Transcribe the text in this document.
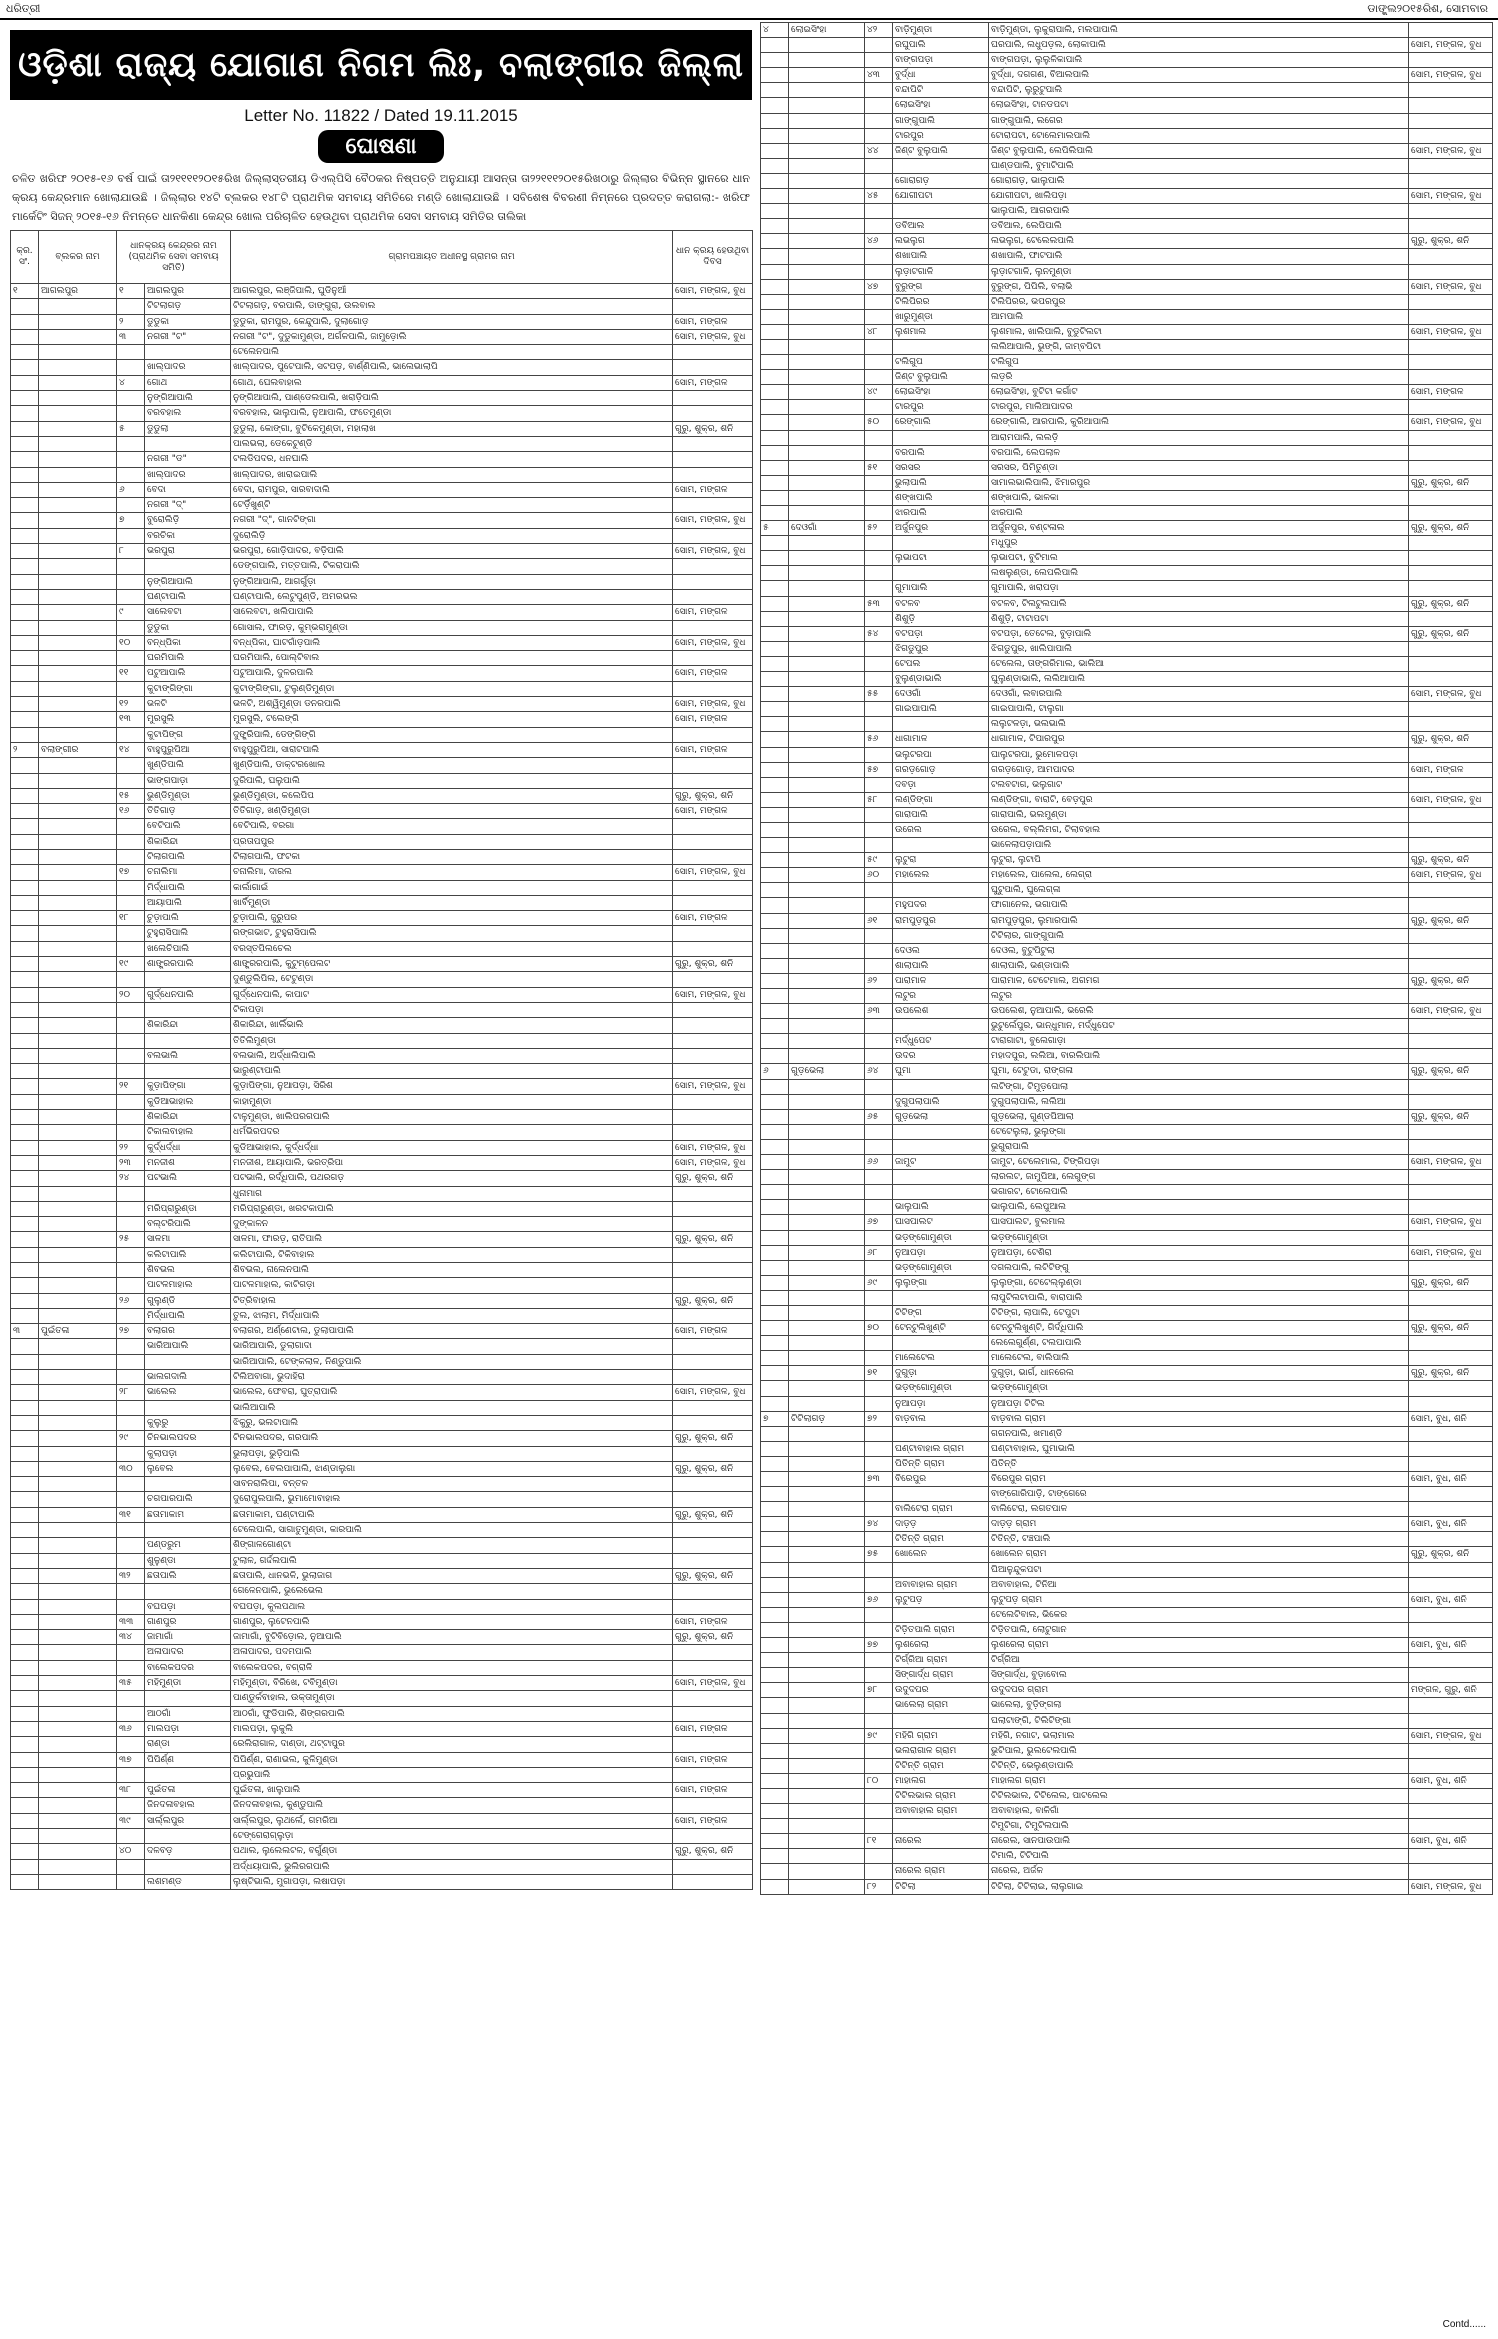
ଧରିତ୍ରୀ	ଡାଙ୍ଗ୍ଲ୨୦୧୫ରିଶ, ସୋମବାର
ଓଡ଼ିଶା ରାଜ୍ୟ ଯୋଗାଣ ନିଗମ ଲିଃ, ବଲାଙ୍ଗୀର ଜିଲ୍ଲା
Letter No. 11822 / Dated 19.11.2015
ଘୋଷଣା
ଚଳିତ ଖରିଫ ୨୦୧୫-୧୬ ବର୍ଷ ପାଇଁ ତା୨୧୧୧୧୨୦୧୫ରିଖ ଜିଲ୍ଲାସ୍ତରୀୟ ଡିଏଲ୍‌ପିସି ବୈଠକର ନିଷ୍ପତ୍ତି ଅନୁଯାୟୀ ଆସନ୍ତା ତା୨୨୧୧୧୨୦୧୫ରିଖଠାରୁ ଜିଲ୍ଲାର ବିଭିନ୍ନ ସ୍ଥାନରେ ଧାନ କ୍ରୟ କେନ୍ଦ୍ରମାନ ଖୋଲାଯାଉଛି । ଜିଲ୍ଲାର ୧୪ଟି ବ୍ଲକର ୧୪୮ଟି ପ୍ରାଥମିକ ସମବାୟ ସମିତିରେ ମଣ୍ଡି ଖୋଲାଯାଉଛି । ସବିଶେଷ ବିବରଣୀ ନିମ୍ନରେ ପ୍ରଦତ୍ତ କରାଗଲା:- ଖରିଫ ମାର୍କେଟିଂ ସିଜନ୍ ୨୦୧୫-୧୬ ନିମନ୍ତେ ଧାନକିଣା କେନ୍ଦ୍ର ଖୋଲ ପରିଚାଳିତ ହେଉଥିବା ପ୍ରାଥମିକ ସେବା ସମବାୟ ସମିତିର ତାଲିକା
କ୍ର. ସଂ.	ବ୍ଲକର ନାମ	ଧାନକ୍ରୟ କେନ୍ଦ୍ରର ନାମ (ପ୍ରାଥମିକ ସେବା ସମବାୟ ସମିତି)		ଗ୍ରାମପଞ୍ଚାୟତ ଅଧୀନସ୍ଥ ଗ୍ରାମର ନାମ	ଧାନ କ୍ରୟ ହେଉଥିବା ଦିବସ
୧	ଆଗଲପୁର	୧	ଆଗଲପୁର	ଆଗଲପୁର, ଲଞ୍ଜିପାଲି, ଘୁଡିନୁଆଁ	ସୋମ, ମଙ୍ଗଳ, ବୁଧ
			ଟିଟଲାଗଡ଼	ଟିଟଲାଗଡ଼, ବରପାଲି, ଡାଙ୍ଗୁରା, ଉଲବାଲ	
		୨	ଡୁଡୁକା	ଡୁଡୁକା, ରାମପୁର, କେନ୍ଦୁପାଲି, ଦୁଲାଗୋଡ଼	ସୋମ, ମଙ୍ଗଳ
		୩	ନଗରୀ "ଟ"	ନଗରୀ "ଟ", ଦୁଡୁକାମୁଣ୍ଡା, ଅର୍ଗଳପାଲି, ଜାମୁଡ଼ୋଲି	ସୋମ, ମଙ୍ଗଳ, ବୁଧ
				ଟେଲେନପାଲି	
			ଖାଲ୍ପାଦର	ଖାଲ୍ପାଦର, ପୁଟେପାଲି, ସଟପଡ଼, ବାର୍ଣ୍ଣିପାଲି, ଭାଲେଭାଲାପି	
		୪	ଗୋଥ	ଗୋଥ, ଘେଲବାହାଲ	ସୋମ, ମଙ୍ଗଳ
			ନୁଙ୍ଗିଆପାଲି	ନୁଙ୍ଗିଆପାଲି, ପାଣ୍ଡେଲପାଲି, ଖରାଡ଼ିପାଲି	
			ବରବହାଲ	ବରବହାଲ, ଭାଲୁପାଲି, ନୁଆପାଲି, ଫତେମୁଣ୍ଡା	
		୫	ଡୁଡୁଲା	ଡୁଡୁଲା, କୋଙ୍ଗା, ବୁଟିକେମୁଣ୍ଡା, ମହାଲାଖ	ଗୁରୁ, ଶୁକ୍ର, ଶନି
				ପାଲଭଲା, ଡେକେଟୁଣ୍ଡି	
			ନଗରୀ "ଡ"	ଟଲଡିପଦର, ଧନଘାଲି	
			ଖାଲ୍ପାଦର	ଖାଲ୍ପାଦର, ଖାରାଇପାଲି	
		୬	ବେଦା	ବେଦା, ରାମପୁର, ସାରବାଦାଲି	ସୋମ, ମଙ୍ଗଳ
			ନଗରୀ "ଦ୍"	ଟେର୍ଡ଼ିଖୁଣ୍ଟି	
		୭	ବୁରୋଲିଡ଼ି	ନଗରୀ "ଦ୍", ଗାନଟିଙ୍ଗା	ସୋମ, ମଙ୍ଗଳ, ବୁଧ
			ବରଚିକା	ଦୁରୋଲିଡ଼ି	
		୮	ଭରପୁରା	ଭରପୁରା, ଗୋଡ଼ିପାଦର, ବଡ଼ିପାଲି	ସୋମ, ମଙ୍ଗଳ, ବୁଧ
				ଡେଙ୍ଗପାଲି, ମତ୍ତପାଲି, ଟିକରାପାଲି	
			ନୁଙ୍ଗିଆପାଲି	ନୁଙ୍ଗିଆପାଲି, ଆଗର୍ଗୁଡ଼ା	
			ଘଣ୍ଟାପାଲି	ଘଣ୍ଟାପାଲି, ଲେଟୁପୁଣ୍ଡି, ଅମରଭଲ	
		୯	ସାଲେବଟା	ସାଲେବଟା, ଖଲିପାପାଲି	ସୋମ, ମଙ୍ଗଳ
			ଡୁଡୁକା	ଗୋସାଲ, ଫାରଡ଼, କୁମ୍ଭରାମୁଣ୍ଡା	
		୧୦	ବନ୍ଧ୍‌ପିକା	ବନ୍ଧ୍‌ପିକା, ଘାଟଗାଁଡ଼ପାଲି	ସୋମ, ମଙ୍ଗଳ, ବୁଧ
			ଘରମିପାଲି	ଘରମିପାଲି, ପୋଲ୍ଟିବାଲ	
		୧୧	ପଟୁଆପାଲି	ପଟୁଆପାଲି, ଦୁଳରପାଲି	ସୋମ, ମଙ୍ଗଳ
			କୁଟାଙ୍ଗିଙ୍ଗା	କୁଟାଙ୍ଗିଙ୍ଗା, ଟୁଲୁଣ୍ଡିମୁଣ୍ଡା	
		୧୨	ଭଳଟି	ଭଳଟି, ଅଶ୍ୱିମୁଣ୍ଡା ଡନରପାଲି	ସୋମ, ମଙ୍ଗଳ, ବୁଧ
		୧୩	ମୁରସୁଲି	ମୁରସୁଲି, ଟଲେଙ୍ଗି	ସୋମ, ମଙ୍ଗଳ
			କୁଟାପିଙ୍ଗ	ଦୁଙ୍ଗ୍ରିପାଲି, ଡେଙ୍ଗିଙ୍ଗି	
୨	ବଲାଙ୍ଗୀର	୧୪	ବାହୁପୁରୁପିଆ	ବାହୁପୁରୁପିଆ, ସାରାଟପାଲି	ସୋମ, ମଙ୍ଗଳ
			ଖୁଣ୍ଡିପାଲି	ଖୁଣ୍ଡିପାଲି, ଡାକ୍ଟରଖୋଲ	
			ଭାଙ୍ଗପାଡ଼ା	ଦୁରିପାଲି, ଘଲୁପାଲି	
		୧୫	ଭୁଣ୍ଡିମୁଣ୍ଡା	ଭୁଣ୍ଡିମୁଣ୍ଡା, କଲେପିପ	ଗୁରୁ, ଶୁକ୍ର, ଶନି
		୧୬	ତିତିଗାଡ଼	ତିତିଗାଡ଼, ଖଣ୍ଡିମୁଣ୍ଡା	ସୋମ, ମଙ୍ଗଳ
			ବେଟିପାଲି	ବେଟିପାଲି, ବରଗା	
			ଶିକାରିନ୍ଦା	ପ୍ରତାପପୁର	
			ଟିଲାଗପାଲି	ଟିଲାଗପାଲି, ଫଟକା	
		୧୭	ଚନାଲିମା	ଚନାଲିମା, ଦାରଲ	ସୋମ, ମଙ୍ଗଳ, ବୁଧ
			ମିର୍ଦ୍ଧାପାଲି	କାର୍ଲାଗାଇଁ	
			ଆୟାପାଲି	ଖାର୍ବିମୁଣ୍ଡା	
		୧୮	ଚୁଡ଼ାପାଲି	ଚୁଡ଼ାପାଲି, ଜୁରୁପର	ସୋମ, ମଙ୍ଗଳ
			ଟୁହୁରାସିପାଲି	ରଙ୍ଗଭାଟ, ଟୁହୁରାସିପାଲି	
			ଖଲେଚିପାଲି	ବରସ୍ତପିଲଚେଲ	
		୧୯	ଶାଙ୍ଗ୍ରରପାଲି	ଶାଙ୍ଗ୍ରରପାଲି, କୁଟୁମ୍ପେଲଟ	ଗୁରୁ, ଶୁକ୍ର, ଶନି
				ଦୁଣ୍ଡୁଲିପିଲ, ଟେଟୁଣ୍ଡା	
		୨୦	ଗୁର୍ଦ୍ଧେନପାଲି	ଗୁର୍ଦ୍ଧେନପାଲି, କାପାଟ	ସୋମ, ମଙ୍ଗଳ, ବୁଧ
				ଟିକାପଡ଼ା	
			ଶିକାରିନ୍ଦା	ଶିକାରିନ୍ଦା, ଖାର୍ଲିଭାଲି	
				ତିତିଲିମୁଣ୍ଡା	
			ବଲଭାଲି	ବଲଭାଲି, ଅର୍ଦ୍ଧାଲିପାଲି	
				ଭାରୁଣ୍ଟାପାଲି	
		୨୧	କୁଡ଼ାପିଙ୍ଗା	କୁଡ଼ାପିଙ୍ଗା, ନୁଆପଡ଼ା, ସିରିଶ	ସୋମ, ମଙ୍ଗଳ, ବୁଧ
			କୁଡିଆଭାହାଲ	କାହାମୁଣ୍ଡା	
			ଶିକାରିନ୍ଦା	ଟାଳୁମୁଣ୍ଡା, ଖାଲିପରଗପାଲି	
			ଟିକାଲବାହାଲ	ଧର୍ମଭିରପଦର	
		୨୨	କୁର୍ଦ୍ଧର୍ଦ୍ଧା	କୁଡିଆଭାହାଲ, କୁର୍ଦ୍ଧର୍ଦ୍ଧା	ସୋମ, ମଙ୍ଗଳ, ବୁଧ
		୨୩	ମନଜୀଶ	ମନଜୀଶ, ଆୟାପାଲି, ଭରତ୍ରିପା	ସୋମ, ମଙ୍ଗଳ, ବୁଧ
		୨୪	ପଟଭାଲି	ପଟଭାଲି, ରର୍ଦ୍ଧିପାଲି, ପଥରଗଡ଼	ଗୁରୁ, ଶୁକ୍ର, ଶନି
				ଧୁନାମାଗ	
			ମରିପ୍ରାରୁଣ୍ଡା	ମରିପ୍ରାରୁଣ୍ଡା, ଖରଟକାପାଲି	
			ବଲ୍ଟରିପାଲି	ଦୁଙ୍କାଳନ	
		୨୫	ସାଳମା	ସାଳମା, ଫାରଡ଼, ରାତିପାଲି	ଗୁରୁ, ଶୁକ୍ର, ଶନି
			କଲିଟାପାଲି	କଲିଟାପାଲି, ଟିକିବାହାଲ	
			ଶିବଭଲ	ଶିବଭଲ, ନାଲେନପାଲି	
			ପାଟଳମାହାଲ	ପାଟଳମାହାଲ, କାଟିଗଡ଼ା	
		୨୬	ଗୁଲୁଣ୍ଡି	ଟିତ୍ରିବାହାଲ	ଗୁରୁ, ଶୁକ୍ର, ଶନି
			ମିର୍ଦ୍ଧାପାଲି	ତୁଲ, ଝାଲାମ, ମିର୍ଦ୍ଧାପାଲି	
୩	ପୁଇଁତଳା	୨୭	ବଲାଗର	ବଲାଗର, ଅର୍ଣ୍ଣେଟାଲ, ଡୁଲାପାପାଲି	ସୋମ, ମଙ୍ଗଳ
			ଭାରିଆପାଲି	ଭାରିଆପାଲି, ଡୁଲାଗାଦା	
				ଭାରିଆପାଲି, ଟେଙ୍କଲାଳ, ନିଣ୍ଡୁପାଲି	
			ଭାଲଗଦାଲି	ଟିଲିଅବାଗା, ଭୁଦାହିରା	
		୨୮	ଭାଲେଲ	ଭାଲେଲ, ଫେବରା, ଘୁତ୍ରାପାଲି	ସୋମ, ମଙ୍ଗଳ, ବୁଧ
				ଭାଲିଆପାଲି	
			କୁଲୁରୁ	ଝିକୁରୁ, ଭଲଟାପାଲି	
		୨୯	ଚିନଭାଲପଦର	ଟିନଭାଲପଦର, ଗରପାଲି	ଗୁରୁ, ଶୁକ୍ର, ଶନି
			କୁଲାପଡ଼ା	ଭୁଲାପଡ଼ା, ଭୁଡ଼ିପାଲି	
		୩୦	ଲୁବେଲ	ଲୁବେଲ, ବେଲପାପାଲି, ଝାଣ୍ଡାଲୁଗା	ଗୁରୁ, ଶୁକ୍ର, ଶନି
				ସାବନରାଲିପା, ବନ୍ତଳ	
			ଚଗପାରପାଲି	ଦୁରୋପୁଲପାଲି, ଭୁମାମୋବାହାଲ	
		୩୧	ଛତାମାକାମ	ଛତାମାକାମ, ଘଣ୍ଟାପାଲି	ଗୁରୁ, ଶୁକ୍ର, ଶନି
				ଟେଲେପାଲି, ସାଗାତୁମୁଣ୍ଡା, କାରପାଲି	
			ପଣ୍ଡରୁମ	ଶିଙ୍ଗାଳଗୋଣ୍ଟା	
			ଶୁଳୁଣ୍ଡା	ଟୁଲାଳ, ଗର୍ଦ୍ଦଲପାଲି	
		୩୨	ଛତାପାଲି	ଛତାପାଲି, ଧାନଭଳି, ଭୁଲାଜାଗ	ଗୁରୁ, ଶୁକ୍ର, ଶନି
				ଗେଳେନପାଲି, ଭୁଲେଭେଲ	
			ବଘପଡ଼ା	ବଘପଡ଼ା, କୁଲପଥାଲ	
		୩୩	ଗାଣପୁର	ଗାଣପୁର, ଲୁଟେନପାଲି	ସୋମ, ମଙ୍ଗଳ
		୩୪	ଜାମାଗାଁ	ଜାମାଗାଁ, ବୁଟିବିଡ଼ୋଲ, ନୁଆପାଲି	ଗୁରୁ, ଶୁକ୍ର, ଶନି
			ଅଳାପାଦର	ଅଳାପାଦର, ପଦମପାଲି	
			ବାଲେକପଦର	ବାଲେକପଦର, ବଗ୍ରାଳି	
		୩୫	ମହିମୁଣ୍ଡା	ମହିମୁଣ୍ଡା, ବିରିଖେ, ଟବିମୁଣ୍ଡା	ସୋମ, ମଙ୍ଗଳ, ବୁଧ
				ପାଣ୍ଡୁର୍କବାହାଲ, ଉକ୍ତାମୁଣ୍ଡା	
			ଆଠଗାଁ	ଆଠଗାଁ, ଫୁଡିପାଲି, ଶିଙ୍ଗରପାଲି	
		୩୬	ମାଲପଡ଼ା	ମାଲପଡ଼ା, ଲୁକୁଲି	ସୋମ, ମଙ୍ଗଳ
			ରାଣ୍ଡା	ରେଲିରାଗାଳ, ଦାଣ୍ଡା, ଥଟ୍ଟାପୁର	
		୩୭	ପିପିର୍ଣ୍ଣ	ପିପିର୍ଣ୍ଣ, ରାଣାଭଲ, କୁଳିମୁଣ୍ଡା	ସୋମ, ମଙ୍ଗଳ
				ପ୍ରଭୁପାଲି	
		୩୮	ପୁଇଁତଳା	ପୁଇଁତଳା, ଖାଲୁପାଲି	ସୋମ, ମଙ୍ଗଳ
			ଜିନଦଳାବହାଲ	ଜିନଦଳାବହାଲ, କୁଣ୍ଡୁପାଲି	
		୩୯	ସାର୍ଲ୍ଲପୁର	ସାର୍ଲ୍ଲପୁର, ଲୁଥର୍ଲେ, ଗମରିଆ	ସୋମ, ମଙ୍ଗଳ
				ଟେଙ୍ଗେରାଗ୍ଲୁଡ଼ା	
		୪୦	ଦଳବଡ଼	ପଥାଲ, ଲୁଲେଲଟଳ, ବର୍ଗୁଣ୍ଡା	ଗୁରୁ, ଶୁକ୍ର, ଶନି
				ଅର୍ଦ୍ଧୟାପାଲି, ଭୁଲିରଗପାଲି	
			ଲଶମଣ୍ଡ	ଲୁଷ୍ଟିଭାଲି, ମୁଗାପଡ଼ା, ଲଷାପଡ଼ା	
୪	ଲୋଇସିଂହା	୪୨	ବାଡ଼ିମୁଣ୍ଡା	ବାଡ଼ିମୁଣ୍ଡା, ଲୁକୁରାପାଲି, ମଲପାପାଲି	
			ରଘୁପାଲି	ଘରପାଲି, ଲଧୁପଡ଼ଲ, ଲୋକାପାଲି	ସୋମ, ମଙ୍ଗଳ, ବୁଧ
			ବାଙ୍ଗପଡ଼ା	ବାଙ୍ଗପଡ଼ା, ଲୁଲୁଳିକାପାଲି	
		୪୩	ବୁର୍ଦ୍ଧା	ବୁର୍ଦ୍ଧା, ଦଗଗଣ, ବିଆଲପାଲି	ସୋମ, ମଙ୍ଗଳ, ବୁଧ
			ବନ୍ଦାପିଟି	ବନ୍ଦାପିଟି, ଲୁରୁଟୁପାଲି	
			ଲୋଇସିଂହା	ଲୋଇସିଂହା, ଟାନଡପଟା	
			ଗାଙ୍ଗୁପାଲି	ଗାଙ୍ଗୁପାଲି, ଲଗେର	
			ଟାରପୁର	ଟୋରାପଟା, ଟୋଲେମାଲପାଲି	
		୪୪	ଜିଣ୍ଟ ବୁଲୁପାଲି	ଜିଣ୍ଟ ବୁଲୁପାଲି, ଲେପିଲିପାଲି	ସୋମ, ମଙ୍ଗଳ, ବୁଧ
				ଘାଣ୍ଡପାଲି, ବୁମାଟିପାଲି	
			ଗୋରାଗଡ଼	ଗୋରାଗଡ଼, ଭାଲୁପାଲି	
		୪୫	ଯୋଗୀପଟା	ଯୋଗୀପଟା, ଖାଲିପଡ଼ା	ସୋମ, ମଙ୍ଗଳ, ବୁଧ
				ଭାଲୁପାଲି, ଆଗରପାଲି	
			ଡବିଆଲ	ଡବିଆଲ, ଲେପିପାଲି	
		୪୬	ଲଭଲୁଗ	ଲଭଲୁଗ, ଟେଲେଲପାଲି	ଗୁରୁ, ଶୁକ୍ର, ଶନି
			ଶଖାପାଲି	ଶଖାପାଲି, ଫାଟପାଲି	
			ଲୁଡ଼ାଟଗାଳି	ଲୁଡ଼ାଟଗାଳି, ଲୁନମୁଣ୍ଡା	
		୪୭	ବୁରୁଙ୍ଗ	ବୁରୁଙ୍ଗ, ପିପିଲି, ବଲାଭି	ସୋମ, ମଙ୍ଗଳ, ବୁଧ
			ଟିଲିପିରର	ଟିଲିପିରର, ଭପରପୁର	
			ଖାରୁମୁଣ୍ଡା	ଆମପାଲି	
		୪୮	ଲୁଶମାଲ	ଲୁଶମାଲ, ଖାଲିପାଲି, ବୁଡୁଟିଲଟା	ସୋମ, ମଙ୍ଗଳ, ବୁଧ
				ଲଲିଆପାଲି, ଭୁଙ୍ଗି, ଜାମ୍ବପିଟା	
			ଟଲିଗୁପ	ଟଲିଗୁପ	
			ଜିଣ୍ଟ ବୁଲୁପାଲି	ଲଡ଼ରି	
		୪୯	ଲୋଇସିଂହା	ଲୋଇସିଂହା, ବୁଟିଟା କର୍ଗାଟ	ସୋମ, ମଙ୍ଗଳ
			ଟାରପୁର	ଟାରପୁର, ମାଲିଆପାଦର	
		୫୦	ରେଙ୍ଗାଲି	ରେଙ୍ଗାଲି, ଆରପାଲି, କୁରିଆପାଲି	ସୋମ, ମଙ୍ଗଳ, ବୁଧ
				ଆରାମପାଲି, ଲଲଡ଼ି	
			ବରପାଲି	ବରପାଲି, ଲେପଲାଳ	
		୫୧	ସରସର	ସରସର, ପିମିତୁଣ୍ଡା	
			ଭୁଲାପାଲି	ସାମାଲଭାଲିପାଲି, ଝିମାରପୁର	ଗୁରୁ, ଶୁକ୍ର, ଶନି
			ଶଙ୍ଖପାଲି	ଶଙ୍ଖପାଲି, ଭାଳକା	
			ଝାରପାଲି	ଝାରପାଲି	
୫	ଦେଓଗାଁ	୫୨	ଅର୍ଜୁନପୁର	ଅର୍ଜୁନପୁର, ବଣ୍ଟଳାଲ	ଗୁରୁ, ଶୁକ୍ର, ଶନି
				ମଧୁପୁର	
			ଲୁଭାପଟା	ଲୁଭାପଟା, ବୁଟିମାଲ	
				ଲଷଲୁଣ୍ଡା, ଲେପଲିପାଲି	
			ଗୁମାପାଲି	ଗୁମାପାଲି, ଖରାପଡ଼ା	
		୫୩	ବଟଳବ	ବଟଳବ, ଟିଲଟୁଲପାଲି	ଗୁରୁ, ଶୁକ୍ର, ଶନି
			ଶିଶୁଡ଼ି	ଶିଶୁଡ଼ି, ଟାଟାପଟା	
		୫୪	ବଟପଡ଼ା	ବଟପଡ଼ା, ତେଟେଲ, ବୁଡ଼ାପାଲି	ଗୁରୁ, ଶୁକ୍ର, ଶନି
			ଝିଗଡୁପୁର	ଝିଗଡୁପୁର, ଖାଲିପାପାଲି	
			ଟେପଲ	ଟେଲେଲ, ତାଙ୍ଗରିମାଲ, ଭାଲିଆ	
			ବୁଲୁଣ୍ଡାଭାଲି	ଘୁଲୁଣ୍ଡାଭାଲି, ଲଲିଆପାଲି	
		୫୫	ଦେଓଗାଁ	ଦେଓଗାଁ, ଲବାରପାଲି	ସୋମ, ମଙ୍ଗଳ, ବୁଧ
			ଗାଇପାପାଲି	ଗାଇପାପାଲି, ଟାଲୁଗା	
				ଲଲୁଟଳଡ଼ା, ଭଲଭାଲି	
		୫୬	ଧାଗାମାଳ	ଧାଗାମାଳ, ଟିପାରପୁର	ଗୁରୁ, ଶୁକ୍ର, ଶନି
			ଭଲୁଟରପା	ଘାଲୁଟରପା, ଭୁମୋଳପଡ଼ା	
		୫୭	ଗରଡ଼ଗୋଡ଼	ଗରଡ଼ଗୋଡ଼, ଆମପାଦର	ସୋମ, ମଙ୍ଗଳ
			ଦବଡ଼ା	ଟଲବଟାଗ, ଭଲୁଗାଟ	
		୫୮	ଲଣ୍ଡିଙ୍ଗା	ଲଣ୍ଡିଙ୍ଗା, ବାରାଟି, ବେଡ଼ପୁର	ସୋମ, ମଙ୍ଗଳ, ବୁଧ
			ଗାରାପାଲି	ଗାରାପାଲି, ଭଲମୁଣ୍ଡା	
			ଉରେଲ	ଉରେଲ, ବଲ୍ଲିମଗ, ଟିଲାବହାଲ	
				ଭାଳେଲାପଡ଼ାପାଲି	
		୫୯	ଲୁଟୁରା	ଲୁଟୁରା, ଲୁଟାପି	ଗୁରୁ, ଶୁକ୍ର, ଶନି
		୬୦	ମହାଲେଲ	ମହାଲେଲ, ପାଲେଲ, ଲେଗ୍ରା	ସୋମ, ମଙ୍ଗଳ, ବୁଧ
				ଘୁଟୁପାଲି, ଘୁଲେଗ୍ଳା	
			ମହୁପଦର	ଫାଗାନେଲ, ଭଗାପାଲି	
		୬୧	ରାମପୁଡ଼ପୁର	ରାମପୁଡ଼ପୁର, ଲୁମାରପାଲି	ଗୁରୁ, ଶୁକ୍ର, ଶନି
				ଟିଟିଲାର, ଗାଙ୍ଗୁପାଲି	
			ଦେଓଲ	ଦେଓଲ, ବୁଟୁପିଟୁଲା	
			ଶାଲାପାଲି	ଶାଲାପାଲି, ଭଣ୍ଡାପାଲି	
		୬୨	ପାରାମାଳ	ପାରାମାଳ, ଟେଟେମାଲ, ଅଗମଗ	ଗୁରୁ, ଶୁକ୍ର, ଶନି
			ଲଟୁର	ଲଟୁର	
		୬୩	ଉପଲେଶ	ଉପଲେଶ, ନୁଆପାଲି, ଭରେଲି	ସୋମ, ମଙ୍ଗଳ, ବୁଧ
				ଭୁଟୁର୍ଲେପୁର, ଭାନ୍ଧୁମାନ, ମର୍ଦ୍ଧୁପେଟ	
			ମର୍ଦ୍ଧୁପେଟ	ଟାରାଗାଟା, ବୁଲେଗାଡ଼ା	
			ଉଦର	ମହାଦପୁର, ଲଲିଆ, ବାରଲିପାଲି	
୬	ଗୁଡ଼ଭେଲା	୬୪	ଘୁମା	ଘୁମା, ଟେଟୁଡା, ରାଙ୍ଗଳା	ଗୁରୁ, ଶୁକ୍ର, ଶନି
				ଲଟିଙ୍ଗା, ଟିମୁଡ଼ପୋଲା	
			ଦୁଗୁପଲାପାଲି	ଦୁଗୁପଲାପାଲି, ଲଲିଆ	
		୬୫	ଗୁଡ଼ଭେଲା	ଗୁଡ଼ଭେଲା, ଗୁଣ୍ଡପିଆଲା	ଗୁରୁ, ଶୁକ୍ର, ଶନି
				ଟେଟେଲୁଲା, ଭୁଲୁଙ୍ଗା	
				ଭୁଗୁରାପାଲି	
		୬୬	ଜାମୁଟ	ଜାମୁଟ, ଟେଲେମାଲ, ଟିଙ୍ଗିପଡ଼ା	ସୋମ, ମଙ୍ଗଳ, ବୁଧ
				ଲାରଲଟ, ଜାମୁପିଆ, ଲେଗୁଙ୍ଗ	
				ଭଗାରଟ, ଟୋଲେପାଲି	
			ଭାଲୁପାଲି	ଭାଲୁପାଲି, ଲେପୁଆଲ	
		୬୭	ଘାସପାଲଟ	ଘାସପାଲଟ, ବୁଲମାଲ	ସୋମ, ମଙ୍ଗଳ, ବୁଧ
			ଭଡ଼ଙ୍ଗୋମୁଣ୍ଡା	ଭଡ଼ଙ୍ଗୋମୁଣ୍ଡା	
		୬୮	ନୁଆପଡ଼ା	ନୁଆପଡ଼ା, ଟେଶିରା	ସୋମ, ମଙ୍ଗଳ, ବୁଧ
			ଭଡ଼ଙ୍ଗୋମୁଣ୍ଡା	ଦଗଲପାଲି, ଲଟିଟିଙ୍ଗୁ	
		୬୯	ଲୁଲୁଙ୍ଗା	ଲୁଲୁଙ୍ଗା, ଟେଟେଲ୍ଲୁଣ୍ଡା	ଗୁରୁ, ଶୁକ୍ର, ଶନି
				ଲାପୁଟିଲଟାପାଲି, ବାରାପାଲି	
			ଟିଟିଙ୍ଗ	ଟିଟିଙ୍ଗ, ଲାପାଲି, ଟେପୁଟା	
		୭୦	ଟେନ୍ଟୁଲିଖୁଣ୍ଟି	ଟେନ୍ଟୁଲିଖୁଣ୍ଟି, ଗିର୍ଦ୍ଧିପାଲି	ଗୁରୁ, ଶୁକ୍ର, ଶନି
				ଲେଲେଗୁର୍ଣ୍ଣ, ଟଲପାପାଲି	
			ମାଲେଟେଲ	ମାଲେଟେଲ, ବାଲିପାଲି	
		୭୧	ଦୁଗୁଡ଼ା	ଦୁଗୁଡ଼ା, ଭାର୍ଗ, ଧାନରେଲ	ଗୁରୁ, ଶୁକ୍ର, ଶନି
			ଭଡ଼ଙ୍ଗୋମୁଣ୍ଡା	ଭଡ଼ଙ୍ଗୋମୁଣ୍ଡା	
			ନୁଆପଡ଼ା	ନୁଆପଡ଼ା ଟିଟିଲ	
୭	ଟିଟିଲାଗଡ଼	୭୨	ବାଡ଼ବାଲ	ବାଡ଼ବାଲ ଗ୍ରାମ	ସୋମ, ବୁଧ, ଶନି
				ଗଗନପାଲି, ଖମାଣ୍ଡି	
			ଘଣ୍ଟାବାହାଲ ଗ୍ରାମ	ଘଣ୍ଟାବାହାଲ, ଘୁମାଭାଲି	
			ପିତିନ୍ତି ଗ୍ରାମ	ପିତିନ୍ତି	
		୭୩	ବିରେପୁର	ବିରେପୁର ଗ୍ରାମ	ସୋମ, ବୁଧ, ଶନି
				ବାଙ୍ଗୋରିପାଡ଼ି, ଟାଙ୍ଗେରେ	
			ବାଲିଟେରା ଗ୍ରାମ	ବାଲିଟେରା, ଲଗତପାଳ	
		୭୪	ଦାଡ଼ଡ଼	ଦାଡ଼ଡ଼ ଗ୍ରାମ	ସୋମ, ବୁଧ, ଶନି
			ଟିତିନ୍ତି ଗ୍ରାମ	ଟିତିନ୍ତି, ଟଞ୍ଚପାଲି	
		୭୫	ଖୋଲେନ	ଖୋଲେନ ଗ୍ରାମ	ଗୁରୁ, ଶୁକ୍ର, ଶନି
				ଘିଆଳୁନ୍ଦୁକପଟା	
			ଅବାବାହାଲ ଗ୍ରାମ	ଅବାବାହାଲ, ଟିନିଆ	
		୭୬	ଲୁଟୁପଡ଼	ଲୁଟୁପଡ଼ ଗ୍ରାମ	ସୋମ, ବୁଧ, ଶନି
				ଟେଲେଟିବାଲ, ଭିକେର	
			ଟିଡ଼ିତପାଲି ଗ୍ରାମ	ଟିଡ଼ିତପାଲି, ଲୋଟୁଗାନ	
		୭୭	ଲୁଶରେଲା	ଲୁଶରେଲା ଗ୍ରାମ	ସୋମ, ବୁଧ, ଶନି
			ଟିର୍ଗ୍ରିଆ ଗ୍ରାମ	ଟିର୍ଗ୍ରିଆ	
			ସିଙ୍ଗାର୍ଦ୍ଧ ଗ୍ରାମ	ସିଙ୍ଗାର୍ଦ୍ଧ, ବୁଡ଼ାବୋଲ	
		୭୮	ଉଦୁଦପର	ଉଦୁଦପର ଗ୍ରାମ	ମଙ୍ଗଳ, ଗୁରୁ, ଶନି
			ଭାଲେଲା ଗ୍ରାମ	ଭାଲେଲା, ବୁଡ଼ିଙ୍ଗଲା	
				ଘଲାଟାଙ୍ଗି, ଟିଲିଟିଙ୍ଗା	
		୭୯	ମହିଗି ଗ୍ରାମ	ମହିଗି, ନଗାଟ, ଭଲାମାଲ	ସୋମ, ମଙ୍ଗଳ, ବୁଧ
			ଭଲରାଗାଳ ଗ୍ରାମ	ଭୁଟିପାଲ, ଭୁଲଟେଲପାଲି	
			ଟିଟିନ୍ତି ଗ୍ରାମ	ଟିଟିନ୍ତି, ଭେଲୁଣ୍ଡାପାଲି	
		୮୦	ମାହାଲଗ	ମାହାଲଗ ଗ୍ରାମ	ସୋମ, ବୁଧ, ଶନି
			ଟିଟିଲଭାଲ ଗ୍ରାମ	ଟିଟିଲଭାଲ, ଟିଟିଲେଲ, ପାଟଲେଲ	
			ଅବାବାହାଲ ଗ୍ରାମ	ଅବାବାହାଲ, ବାଳିଗାଁ	
				ଟିମୁଟିଗା, ଟିମୁଟିଲପାଲି	
		୮୧	ନାରେଲ	ନାରେଲ, ସାନପାଉପାଲି	ସୋମ, ବୁଧ, ଶନି
				ଟିମାଲି, ଟିଟିପାଲି	
			ନାରେଲ ଗ୍ରାମ	ନାରେଲ, ଅର୍ଜଳ	
		୮୨	ଟିଟିଲା	ଟିଟିଲା, ଟିଟିଲାଇ, ଲାଲୁଗାଇ	ସୋମ, ମଙ୍ଗଳ, ବୁଧ
Contd......
